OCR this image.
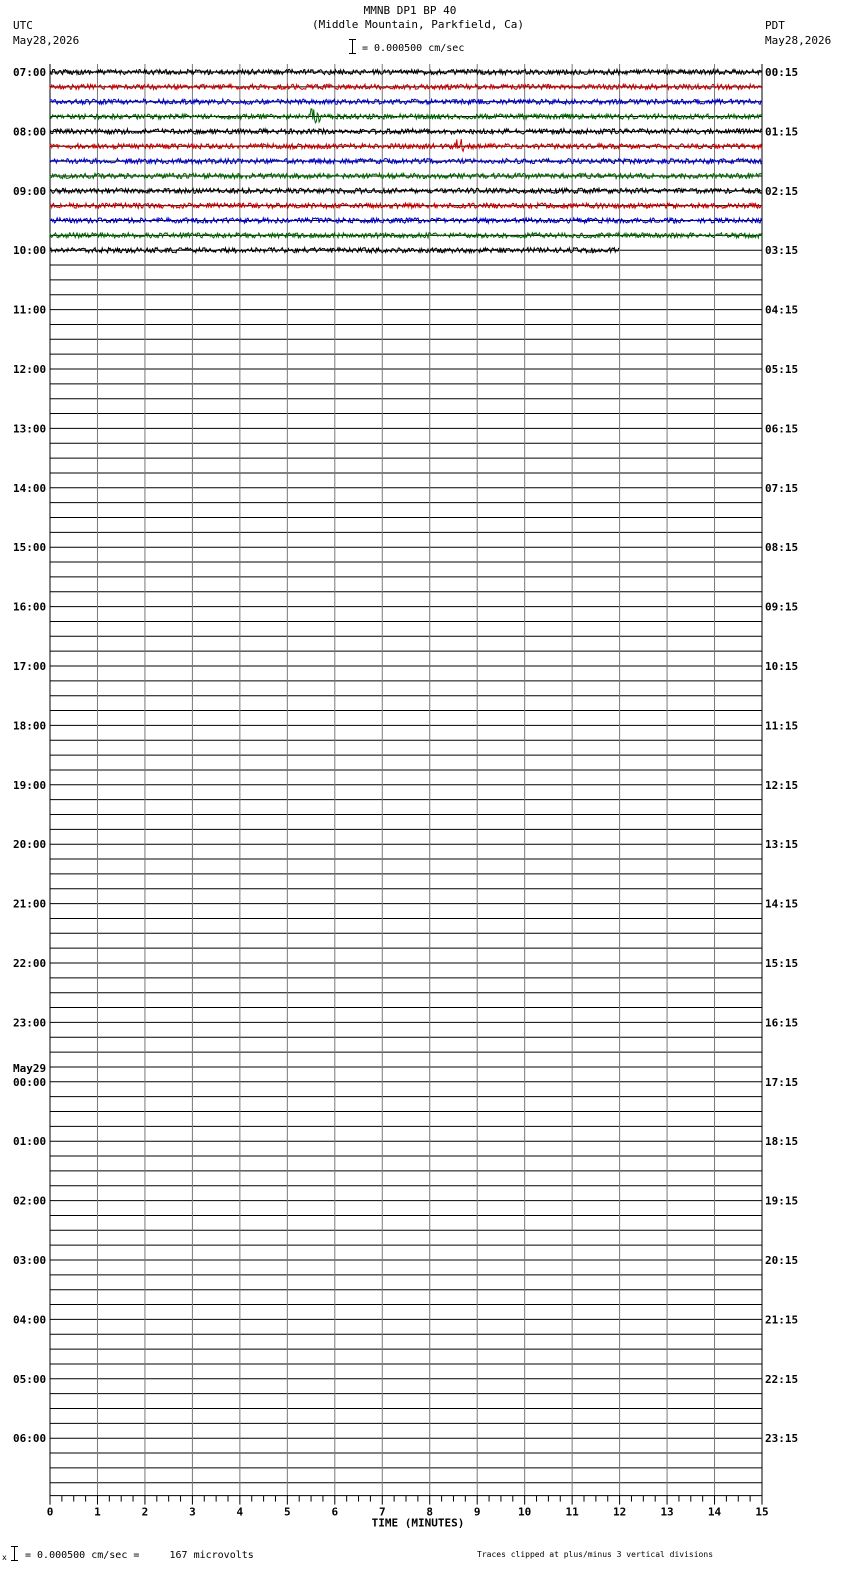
MMNB DP1 BP 40
(Middle Mountain, Parkfield, Ca)
= 0.000500 cm/sec
UTC
May28,2026
PDT
May28,2026
07:00	00:15
08:00	01:15
09:00	02:15
10:00	03:15
11:00	04:15
12:00	05:15
13:00	06:15
14:00	07:15
15:00	08:15
16:00	09:15
17:00	10:15
18:00	11:15
19:00	12:15
20:00	13:15
21:00	14:15
22:00	15:15
23:00	16:15
00:00	17:15
May29
01:00	18:15
02:00	19:15
03:00	20:15
04:00	21:15
05:00	22:15
06:00	23:15
0	1	2	3	4	5	6	7	8	9	10	11	12	13	14	15
TIME (MINUTES)
x = 0.000500 cm/sec =     167 microvolts	Traces clipped at plus/minus 3 vertical divisions
